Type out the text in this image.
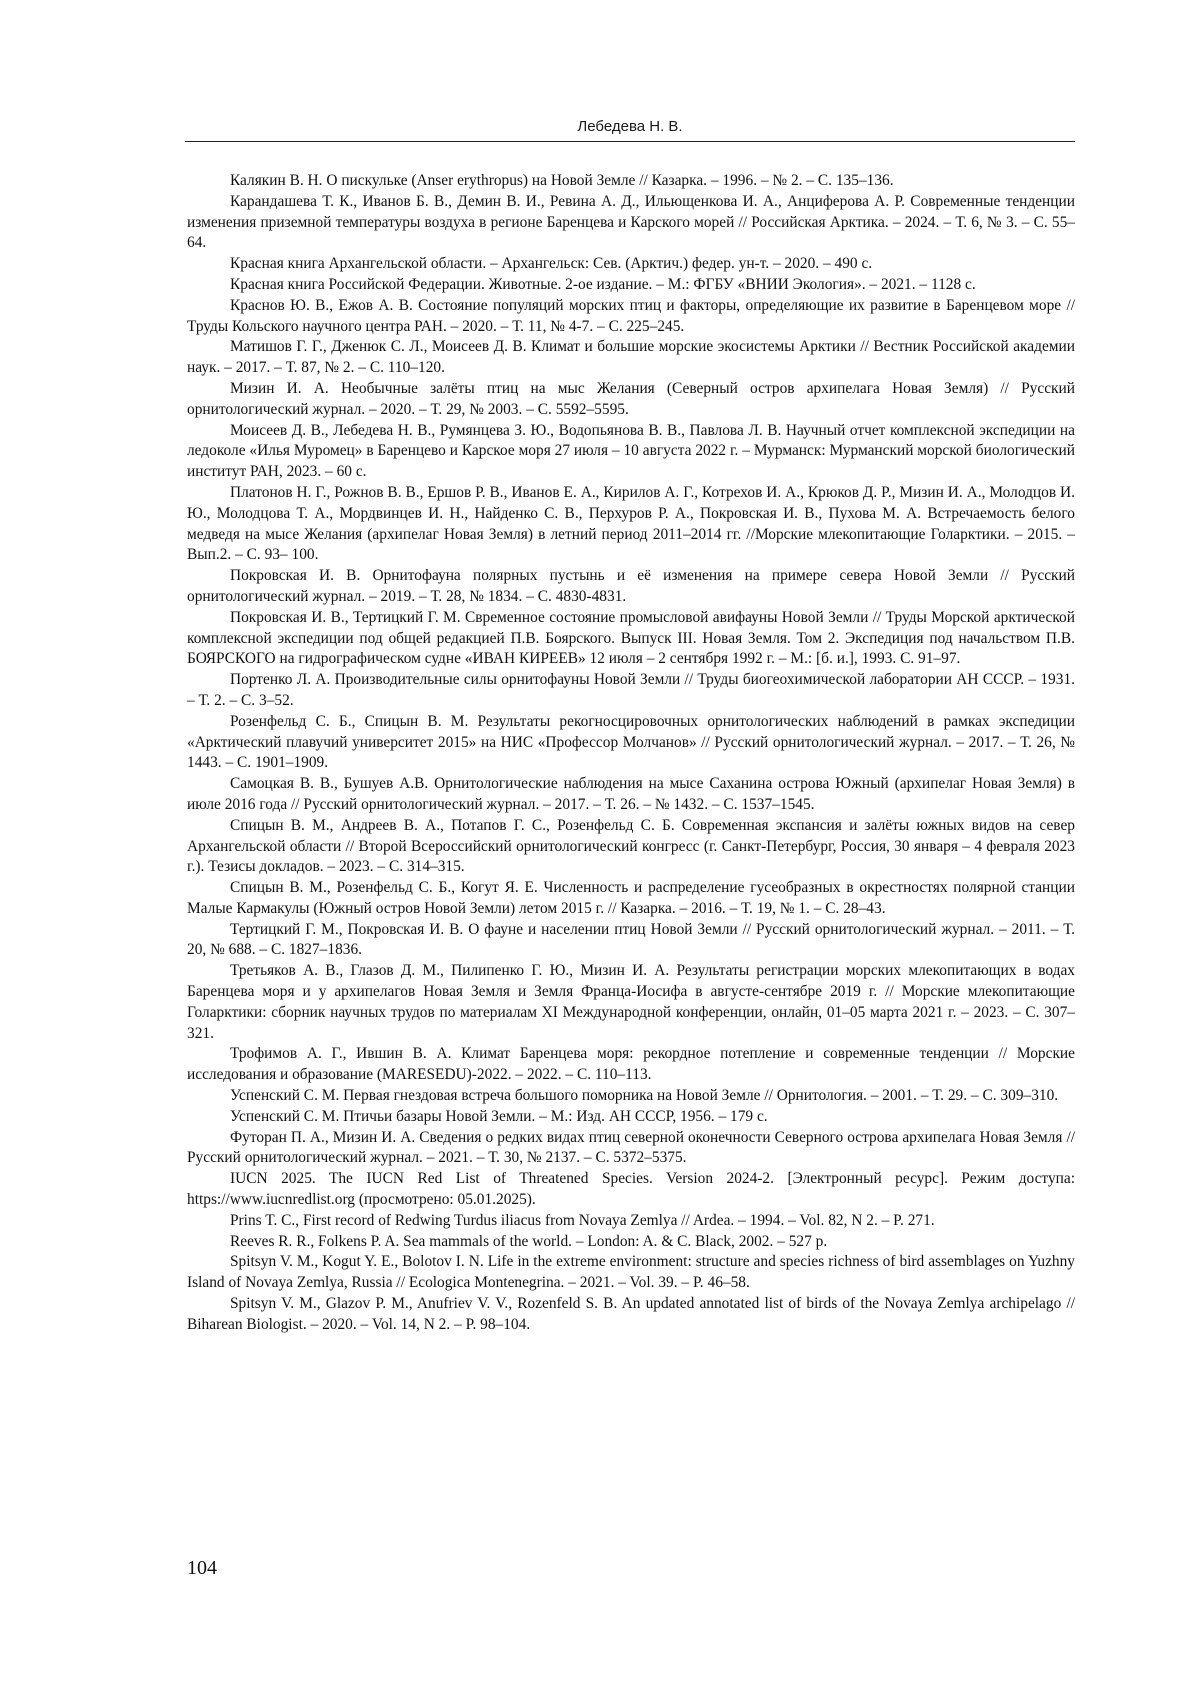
Лебедева Н. В.
Калякин В. Н. О пискульке (Anser erythropus) на Новой Земле // Казарка. – 1996. – № 2. – С. 135–136.
Карандашева Т. К., Иванов Б. В., Демин В. И., Ревина А. Д., Ильющенкова И. А., Анциферова А. Р. Современные тенденции изменения приземной температуры воздуха в регионе Баренцева и Карского морей // Российская Арктика. – 2024. – Т. 6, № 3. – С. 55–64.
Красная книга Архангельской области. – Архангельск: Сев. (Арктич.) федер. ун-т. – 2020. – 490 с.
Красная книга Российской Федерации. Животные. 2-ое издание. – М.: ФГБУ «ВНИИ Экология». – 2021. – 1128 с.
Краснов Ю. В., Ежов А. В. Состояние популяций морских птиц и факторы, определяющие их развитие в Баренцевом море // Труды Кольского научного центра РАН. – 2020. – Т. 11, № 4-7. – С. 225–245.
Матишов Г. Г., Дженюк С. Л., Моисеев Д. В. Климат и большие морские экосистемы Арктики // Вестник Российской академии наук. – 2017. – Т. 87, № 2. – С. 110–120.
Мизин И. А. Необычные залёты птиц на мыс Желания (Северный остров архипелага Новая Земля) // Русский орнитологический журнал. – 2020. – Т. 29, № 2003. – С. 5592–5595.
Моисеев Д. В., Лебедева Н. В., Румянцева З. Ю., Водопьянова В. В., Павлова Л. В. Научный отчет комплексной экспедиции на ледоколе «Илья Муромец» в Баренцево и Карское моря 27 июля – 10 августа 2022 г. – Мурманск: Мурманский морской биологический институт РАН, 2023. – 60 с.
Платонов Н. Г., Рожнов В. В., Ершов Р. В., Иванов Е. А., Кирилов А. Г., Котрехов И. А., Крюков Д. Р., Мизин И. А., Молодцов И. Ю., Молодцова Т. А., Мордвинцев И. Н., Найденко С. В., Перхуров Р. А., Покровская И. В., Пухова М. А. Встречаемость белого медведя на мысе Желания (архипелаг Новая Земля) в летний период 2011–2014 гг. //Морские млекопитающие Голарктики. – 2015. – Вып.2. – С. 93– 100.
Покровская И. В. Орнитофауна полярных пустынь и её изменения на примере севера Новой Земли // Русский орнитологический журнал. – 2019. – Т. 28, № 1834. – С. 4830-4831.
Покровская И. В., Тертицкий Г. М. Свременное состояние промысловой авифауны Новой Земли // Труды Морской арктической комплексной экспедиции под общей редакцией П.В. Боярского. Выпуск III. Новая Земля. Том 2. Экспедиция под начальством П.В. БОЯРСКОГО на гидрографическом судне «ИВАН КИРЕЕВ» 12 июля – 2 сентября 1992 г. – М.: [б. и.], 1993. С. 91–97.
Портенко Л. А. Производительные силы орнитофауны Новой Земли // Труды биогеохимической лаборатории АН СССР. – 1931. – Т. 2. – С. 3–52.
Розенфельд С. Б., Спицын В. М. Результаты рекогносцировочных орнитологических наблюдений в рамках экспедиции «Арктический плавучий университет 2015» на НИС «Профессор Молчанов» // Русский орнитологический журнал. – 2017. – Т. 26, № 1443. – С. 1901–1909.
Самоцкая В. В., Бушуев А.В. Орнитологические наблюдения на мысе Саханина острова Южный (архипелаг Новая Земля) в июле 2016 года // Русский орнитологический журнал. – 2017. – Т. 26. – № 1432. – С. 1537–1545.
Спицын В. М., Андреев В. А., Потапов Г. С., Розенфельд С. Б. Современная экспансия и залёты южных видов на север Архангельской области // Второй Всероссийский орнитологический конгресс (г. Санкт-Петербург, Россия, 30 января – 4 февраля 2023 г.). Тезисы докладов. – 2023. – С. 314–315.
Спицын В. М., Розенфельд С. Б., Когут Я. Е. Численность и распределение гусеобразных в окрестностях полярной станции Малые Кармакулы (Южный остров Новой Земли) летом 2015 г. // Казарка. – 2016. – Т. 19, № 1. – С. 28–43.
Тертицкий Г. М., Покровская И. В. О фауне и населении птиц Новой Земли // Русский орнитологический журнал. – 2011. – Т. 20, № 688. – С. 1827–1836.
Третьяков А. В., Глазов Д. М., Пилипенко Г. Ю., Мизин И. А. Результаты регистрации морских млекопитающих в водах Баренцева моря и у архипелагов Новая Земля и Земля Франца-Иосифа в августе-сентябре 2019 г. // Морские млекопитающие Голарктики: сборник научных трудов по материалам XI Международной конференции, онлайн, 01–05 марта 2021 г. – 2023. – С. 307–321.
Трофимов А. Г., Ившин В. А. Климат Баренцева моря: рекордное потепление и современные тенденции // Морские исследования и образование (MARESEDU)-2022. – 2022. – С. 110–113.
Успенский С. М. Первая гнездовая встреча большого поморника на Новой Земле // Орнитология. – 2001. – Т. 29. – С. 309–310.
Успенский С. М. Птичьи базары Новой Земли. – М.: Изд. АН СССР, 1956. – 179 с.
Футоран П. А., Мизин И. А. Сведения о редких видах птиц северной оконечности Северного острова архипелага Новая Земля // Русский орнитологический журнал. – 2021. – Т. 30, № 2137. – С. 5372–5375.
IUCN 2025. The IUCN Red List of Threatened Species. Version 2024-2. [Электронный ресурс]. Режим доступа: https://www.iucnredlist.org (просмотрено: 05.01.2025).
Prins T. C., First record of Redwing Turdus iliacus from Novaya Zemlya // Ardea. – 1994. – Vol. 82, N 2. – P. 271.
Reeves R. R., Folkens P. A. Sea mammals of the world. – London: A. & C. Black, 2002. – 527 p.
Spitsyn V. M., Kogut Y. E., Bolotov I. N. Life in the extreme environment: structure and species richness of bird assemblages on Yuzhny Island of Novaya Zemlya, Russia // Ecologica Montenegrina. – 2021. – Vol. 39. – P. 46–58.
Spitsyn V. M., Glazov P. M., Anufriev V. V., Rozenfeld S. B. An updated annotated list of birds of the Novaya Zemlya archipelago // Biharean Biologist. – 2020. – Vol. 14, N 2. – P. 98–104.
104
